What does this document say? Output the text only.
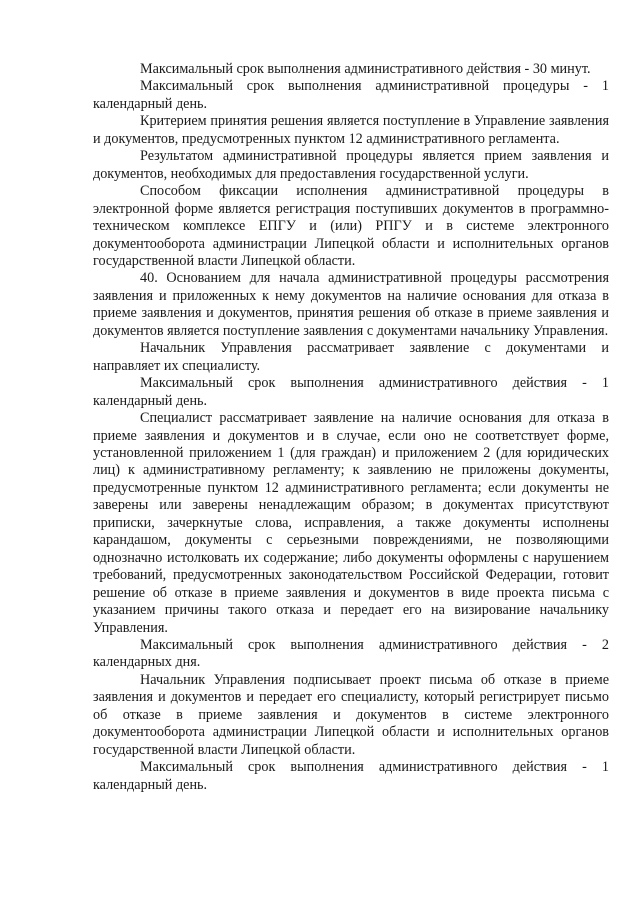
Максимальный срок выполнения административного действия - 30 минут.

Максимальный срок выполнения административной процедуры - 1 календарный день.

Критерием принятия решения является поступление в Управление заявления и документов, предусмотренных пунктом 12 административного регламента.

Результатом административной процедуры является прием заявления и документов, необходимых для предоставления государственной услуги.

Способом фиксации исполнения административной процедуры в электронной форме является регистрация поступивших документов в программно-техническом комплексе ЕПГУ и (или) РПГУ и в системе электронного документооборота администрации Липецкой области и исполнительных органов государственной власти Липецкой области.

40. Основанием для начала административной процедуры рассмотрения заявления и приложенных к нему документов на наличие основания для отказа в приеме заявления и документов, принятия решения об отказе в приеме заявления и документов является поступление заявления с документами начальнику Управления.

Начальник Управления рассматривает заявление с документами и направляет их специалисту.

Максимальный срок выполнения административного действия - 1 календарный день.

Специалист рассматривает заявление на наличие основания для отказа в приеме заявления и документов и в случае, если оно не соответствует форме, установленной приложением 1 (для граждан) и приложением 2 (для юридических лиц) к административному регламенту; к заявлению не приложены документы, предусмотренные пунктом 12 административного регламента; если документы не заверены или заверены ненадлежащим образом; в документах присутствуют приписки, зачеркнутые слова, исправления, а также документы исполнены карандашом, документы с серьезными повреждениями, не позволяющими однозначно истолковать их содержание; либо документы оформлены с нарушением требований, предусмотренных законодательством Российской Федерации, готовит решение об отказе в приеме заявления и документов в виде проекта письма с указанием причины такого отказа и передает его на визирование начальнику Управления.

Максимальный срок выполнения административного действия - 2 календарных дня.

Начальник Управления подписывает проект письма об отказе в приеме заявления и документов и передает его специалисту, который регистрирует письмо об отказе в приеме заявления и документов в системе электронного документооборота администрации Липецкой области и исполнительных органов государственной власти Липецкой области.

Максимальный срок выполнения административного действия - 1 календарный день.
